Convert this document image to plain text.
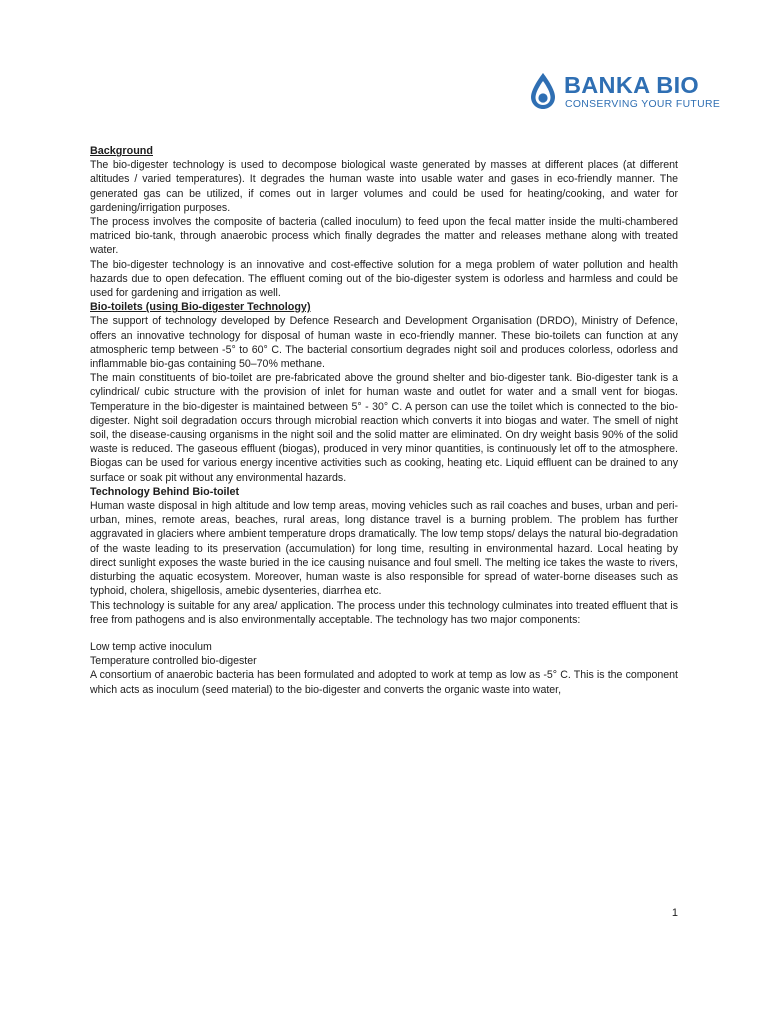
BANKA BIO
CONSERVING YOUR FUTURE

Background

The bio-digester technology is used to decompose biological waste generated by masses at different places (at different altitudes / varied temperatures). It degrades the human waste into usable water and gases in eco-friendly manner. The generated gas can be utilized, if comes out in larger volumes and could be used for heating/cooking, and water for gardening/irrigation purposes.

The process involves the composite of bacteria (called inoculum) to feed upon the fecal matter inside the multi-chambered matriced bio-tank, through anaerobic process which finally degrades the matter and releases methane along with treated water.

The bio-digester technology is an innovative and cost-effective solution for a mega problem of water pollution and health hazards due to open defecation. The effluent coming out of the bio-digester system is odorless and harmless and could be used for gardening and irrigation as well.

Bio-toilets (using Bio-digester Technology)

The support of technology developed by Defence Research and Development Organisation (DRDO), Ministry of Defence, offers an innovative technology for disposal of human waste in eco-friendly manner. These bio-toilets can function at any atmospheric temp between -5° to 60° C. The bacterial consortium degrades night soil and produces colorless, odorless and inflammable bio-gas containing 50–70% methane.

The main constituents of bio-toilet are pre-fabricated above the ground shelter and bio-digester tank. Bio-digester tank is a cylindrical/ cubic structure with the provision of inlet for human waste and outlet for water and a small vent for biogas. Temperature in the bio-digester is maintained between 5° - 30° C. A person can use the toilet which is connected to the bio-digester. Night soil degradation occurs through microbial reaction which converts it into biogas and water. The smell of night soil, the disease-causing organisms in the night soil and the solid matter are eliminated. On dry weight basis 90% of the solid waste is reduced. The gaseous effluent (biogas), produced in very minor quantities, is continuously let off to the atmosphere. Biogas can be used for various energy incentive activities such as cooking, heating etc. Liquid effluent can be drained to any surface or soak pit without any environmental hazards.

Technology Behind Bio-toilet

Human waste disposal in high altitude and low temp areas, moving vehicles such as rail coaches and buses, urban and peri-urban, mines, remote areas, beaches, rural areas, long distance travel is a burning problem. The problem has further aggravated in glaciers where ambient temperature drops dramatically. The low temp stops/ delays the natural bio-degradation of the waste leading to its preservation (accumulation) for long time, resulting in environmental hazard. Local heating by direct sunlight exposes the waste buried in the ice causing nuisance and foul smell. The melting ice takes the waste to rivers, disturbing the aquatic ecosystem. Moreover, human waste is also responsible for spread of water-borne diseases such as typhoid, cholera, shigellosis, amebic dysenteries, diarrhea etc.

This technology is suitable for any area/ application. The process under this technology culminates into treated effluent that is free from pathogens and is also environmentally acceptable. The technology has two major components:

Low temp active inoculum

Temperature controlled bio-digester

A consortium of anaerobic bacteria has been formulated and adopted to work at temp as low as -5° C. This is the component which acts as inoculum (seed material) to the bio-digester and converts the organic waste into water,

1
